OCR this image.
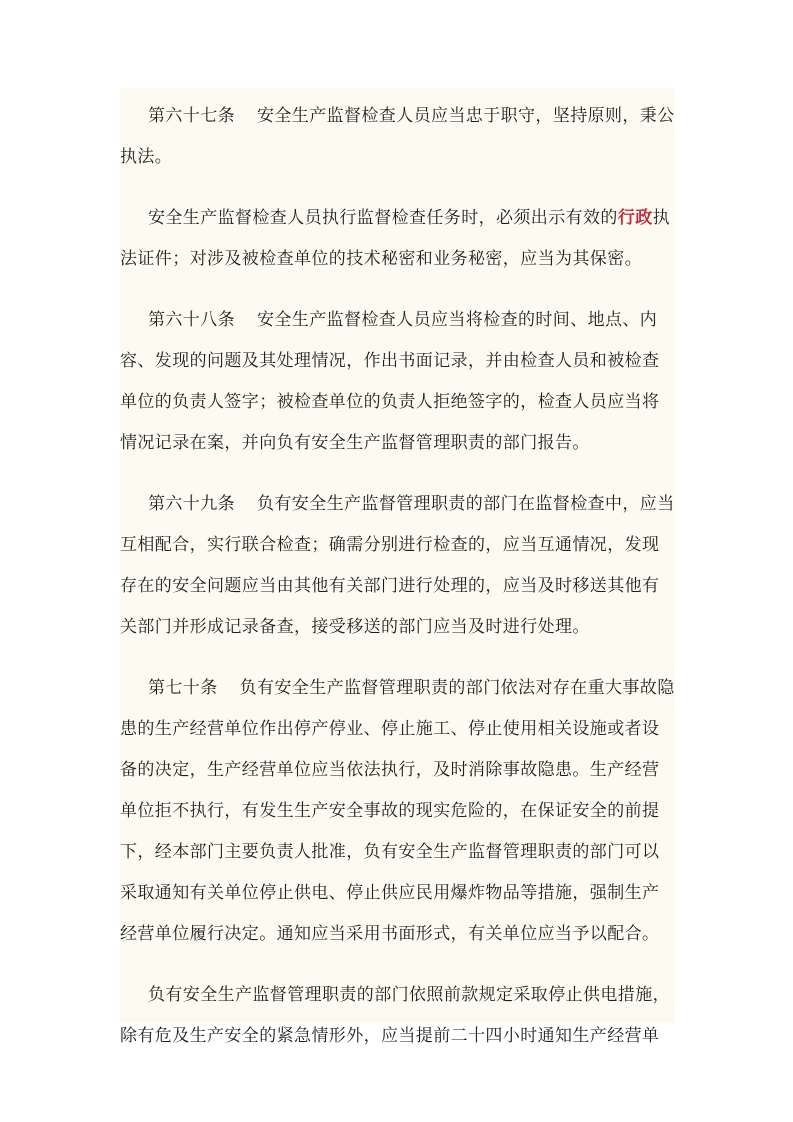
第六十七条 安全生产监督检查人员应当忠于职守，坚持原则，秉公执法。

安全生产监督检查人员执行监督检查任务时，必须出示有效的行政执法证件；对涉及被检查单位的技术秘密和业务秘密，应当为其保密。

第六十八条 安全生产监督检查人员应当将检查的时间、地点、内容、发现的问题及其处理情况，作出书面记录，并由检查人员和被检查单位的负责人签字；被检查单位的负责人拒绝签字的，检查人员应当将情况记录在案，并向负有安全生产监督管理职责的部门报告。

第六十九条 负有安全生产监督管理职责的部门在监督检查中，应当互相配合，实行联合检查；确需分别进行检查的，应当互通情况，发现存在的安全问题应当由其他有关部门进行处理的，应当及时移送其他有关部门并形成记录备查，接受移送的部门应当及时进行处理。

第七十条 负有安全生产监督管理职责的部门依法对存在重大事故隐患的生产经营单位作出停产停业、停止施工、停止使用相关设施或者设备的决定，生产经营单位应当依法执行，及时消除事故隐患。生产经营单位拒不执行，有发生生产安全事故的现实危险的，在保证安全的前提下，经本部门主要负责人批准，负有安全生产监督管理职责的部门可以采取通知有关单位停止供电、停止供应民用爆炸物品等措施，强制生产经营单位履行决定。通知应当采用书面形式，有关单位应当予以配合。

负有安全生产监督管理职责的部门依照前款规定采取停止供电措施，除有危及生产安全的紧急情形外，应当提前二十四小时通知生产经营单
